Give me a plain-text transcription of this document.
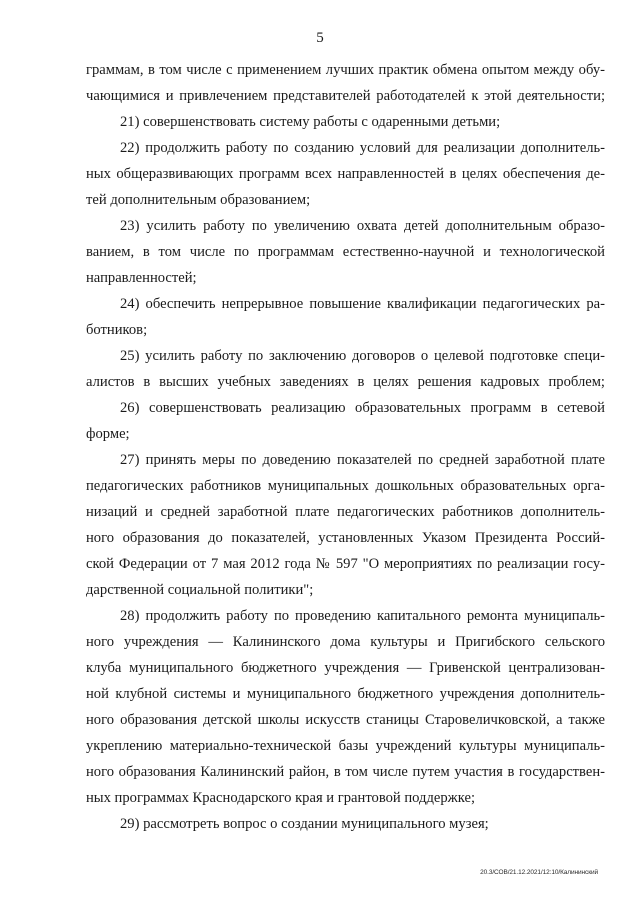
5
граммам, в том числе с применением лучших практик обмена опытом между обу-
чающимися и привлечением представителей работодателей к этой деятельности;
21) совершенствовать систему работы с одаренными детьми;
22) продолжить работу по созданию условий для реализации дополнитель-
ных общеразвивающих программ всех направленностей в целях обеспечения де-
тей дополнительным образованием;
23) усилить работу по увеличению охвата детей дополнительным образо-
ванием, в том числе по программам естественно-научной и технологической
направленностей;
24) обеспечить непрерывное повышение квалификации педагогических ра-
ботников;
25) усилить работу по заключению договоров о целевой подготовке специ-
алистов в высших учебных заведениях в целях решения кадровых проблем;
26) совершенствовать реализацию образовательных программ в сетевой
форме;
27) принять меры по доведению показателей по средней заработной плате
педагогических работников муниципальных дошкольных образовательных орга-
низаций и средней заработной плате педагогических работников дополнитель-
ного образования до показателей, установленных Указом Президента Россий-
ской Федерации от 7 мая 2012 года № 597 "О мероприятиях по реализации госу-
дарственной социальной политики";
28) продолжить работу по проведению капитального ремонта муниципаль-
ного учреждения — Калининского дома культуры и Пригибского сельского
клуба муниципального бюджетного учреждения — Гривенской централизован-
ной клубной системы и муниципального бюджетного учреждения дополнитель-
ного образования детской школы искусств станицы Старовеличковской, а также
укреплению материально-технической базы учреждений культуры муниципаль-
ного образования Калининский район, в том числе путем участия в государствен-
ных программах Краснодарского края и грантовой поддержке;
29) рассмотреть вопрос о создании муниципального музея;
20.3/СОВ/21.12.2021/12:10/Калининский
